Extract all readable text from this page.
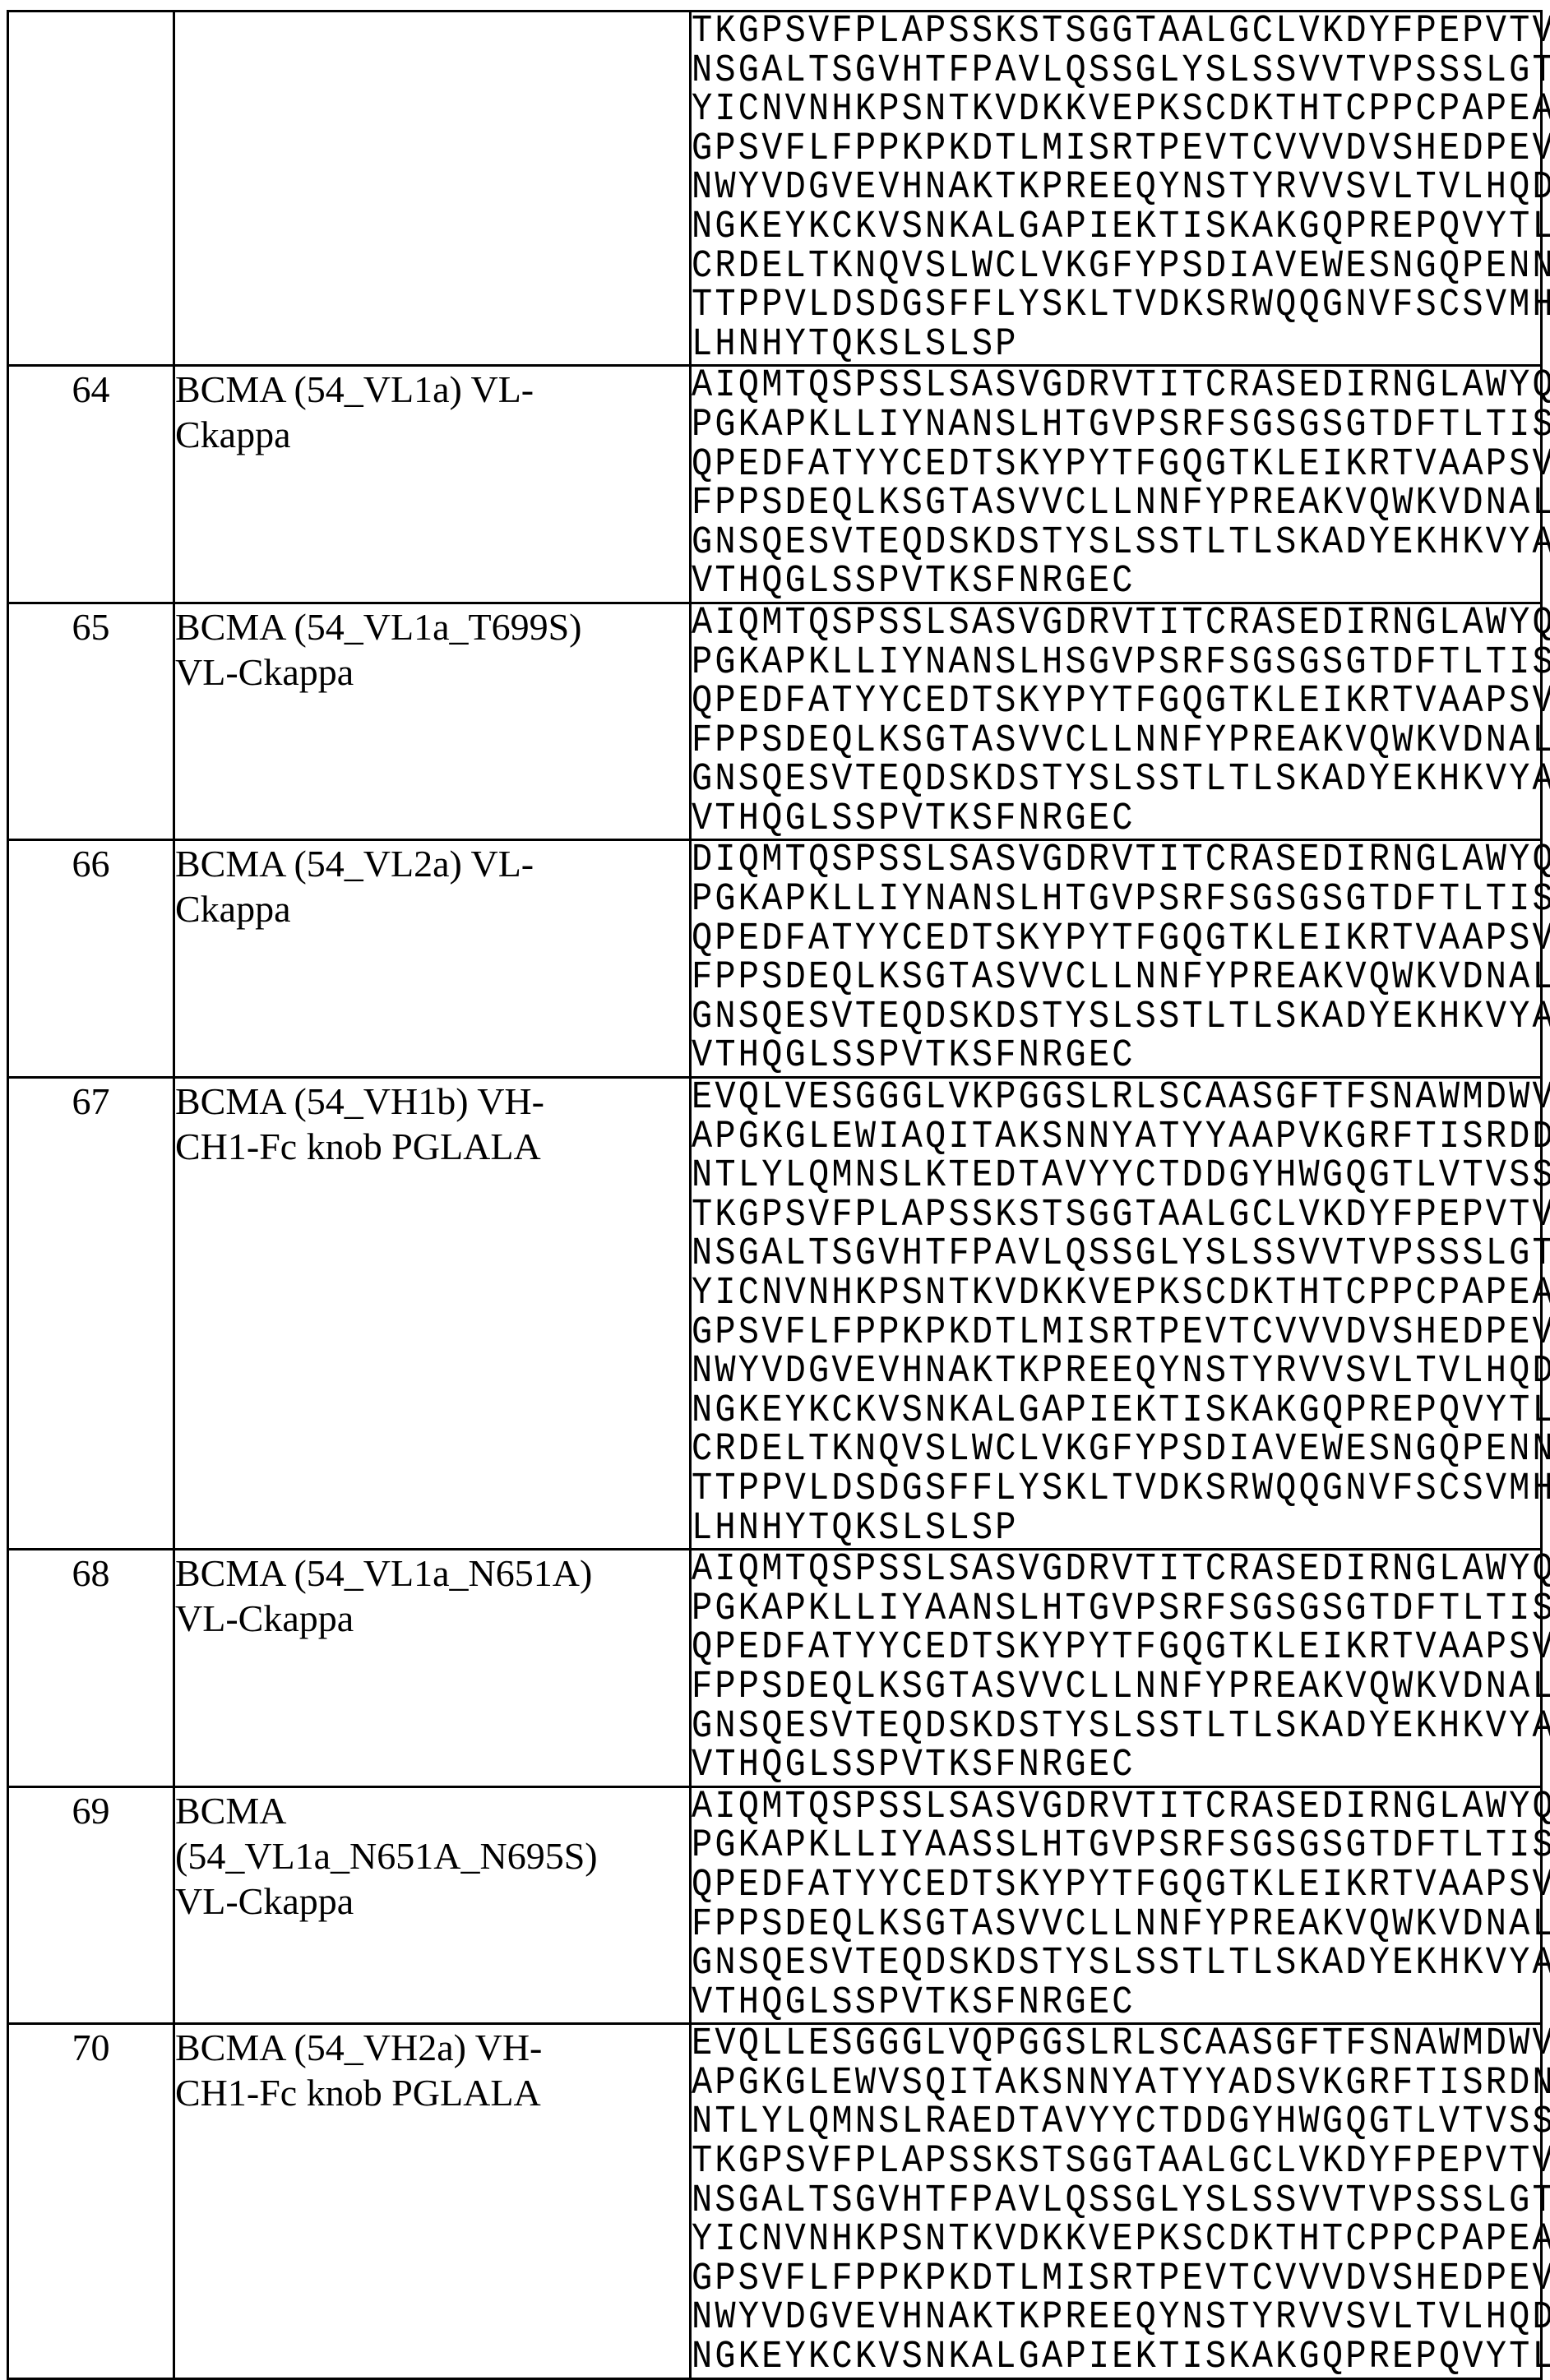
TKGPSVFPLAPSSKSTSGGTAALGCLVKDYFPEPVTVSW
NSGALTSGVHTFPAVLQSSGLYSLSSVVTVPSSSLGTQT
YICNVNHKPSNTKVDKKVEPKSCDKTHTCPPCPAPEAAG
GPSVFLFPPKPKDTLMISRTPEVTCVVVDVSHEDPEVKF
NWYVDGVEVHNAKTKPREEQYNSTYRVVSVLTVLHQDWL
NGKEYKCKVSNKALGAPIEKTISKAKGQPREPQVYTLPP
CRDELTKNQVSLWCLVKGFYPSDIAVEWESNGQPENNYK
TTPPVLDSDGSFFLYSKLTVDKSRWQQGNVFSCSVMHEA
LHNHYTQKSLSLSP

64	BCMA (54_VL1a) VL-
Ckappa

AIQMTQSPSSLSASVGDRVTITCRASEDIRNGLAWYQQK
PGKAPKLLIYNANSLHTGVPSRFSGSGSGTDFTLTISSL
QPEDFATYYCEDTSKYPYTFGQGTKLEIKRTVAAPSVFI
FPPSDEQLKSGTASVVCLLNNFYPREAKVQWKVDNALQS
GNSQESVTEQDSKDSTYSLSSTLTLSKADYEKHKVYACE
VTHQGLSSPVTKSFNRGEC

65	BCMA (54_VL1a_T699S)
VL-Ckappa

AIQMTQSPSSLSASVGDRVTITCRASEDIRNGLAWYQQK
PGKAPKLLIYNANSLHSGVPSRFSGSGSGTDFTLTISSL
QPEDFATYYCEDTSKYPYTFGQGTKLEIKRTVAAPSVFI
FPPSDEQLKSGTASVVCLLNNFYPREAKVQWKVDNALQS
GNSQESVTEQDSKDSTYSLSSTLTLSKADYEKHKVYACE
VTHQGLSSPVTKSFNRGEC

66	BCMA (54_VL2a) VL-
Ckappa

DIQMTQSPSSLSASVGDRVTITCRASEDIRNGLAWYQQK
PGKAPKLLIYNANSLHTGVPSRFSGSGSGTDFTLTISSL
QPEDFATYYCEDTSKYPYTFGQGTKLEIKRTVAAPSVFI
FPPSDEQLKSGTASVVCLLNNFYPREAKVQWKVDNALQS
GNSQESVTEQDSKDSTYSLSSTLTLSKADYEKHKVYACE
VTHQGLSSPVTKSFNRGEC

67	BCMA (54_VH1b) VH-
CH1-Fc knob PGLALA

EVQLVESGGGLVKPGGSLRLSCAASGFTFSNAWMDWVRQ
APGKGLEWIAQITAKSNNYATYYAAPVKGRFTISRDDSK
NTLYLQMNSLKTEDTAVYYCTDDGYHWGQGTLVTVSSAS
TKGPSVFPLAPSSKSTSGGTAALGCLVKDYFPEPVTVSW
NSGALTSGVHTFPAVLQSSGLYSLSSVVTVPSSSLGTQT
YICNVNHKPSNTKVDKKVEPKSCDKTHTCPPCPAPEAAG
GPSVFLFPPKPKDTLMISRTPEVTCVVVDVSHEDPEVKF
NWYVDGVEVHNAKTKPREEQYNSTYRVVSVLTVLHQDWL
NGKEYKCKVSNKALGAPIEKTISKAKGQPREPQVYTLPP
CRDELTKNQVSLWCLVKGFYPSDIAVEWESNGQPENNYK
TTPPVLDSDGSFFLYSKLTVDKSRWQQGNVFSCSVMHEA
LHNHYTQKSLSLSP

68	BCMA (54_VL1a_N651A)
VL-Ckappa

AIQMTQSPSSLSASVGDRVTITCRASEDIRNGLAWYQQK
PGKAPKLLIYAANSLHTGVPSRFSGSGSGTDFTLTISSL
QPEDFATYYCEDTSKYPYTFGQGTKLEIKRTVAAPSVFI
FPPSDEQLKSGTASVVCLLNNFYPREAKVQWKVDNALQS
GNSQESVTEQDSKDSTYSLSSTLTLSKADYEKHKVYACE
VTHQGLSSPVTKSFNRGEC

69	BCMA
(54_VL1a_N651A_N695S)
VL-Ckappa

AIQMTQSPSSLSASVGDRVTITCRASEDIRNGLAWYQQK
PGKAPKLLIYAASSLHTGVPSRFSGSGSGTDFTLTISSL
QPEDFATYYCEDTSKYPYTFGQGTKLEIKRTVAAPSVFI
FPPSDEQLKSGTASVVCLLNNFYPREAKVQWKVDNALQS
GNSQESVTEQDSKDSTYSLSSTLTLSKADYEKHKVYACE
VTHQGLSSPVTKSFNRGEC

70	BCMA (54_VH2a) VH-
CH1-Fc knob PGLALA

EVQLLESGGGLVQPGGSLRLSCAASGFTFSNAWMDWVRQ
APGKGLEWVSQITAKSNNYATYYADSVKGRFTISRDNSK
NTLYLQMNSLRAEDTAVYYCTDDGYHWGQGTLVTVSSAS
TKGPSVFPLAPSSKSTSGGTAALGCLVKDYFPEPVTVSW
NSGALTSGVHTFPAVLQSSGLYSLSSVVTVPSSSLGTQT
YICNVNHKPSNTKVDKKVEPKSCDKTHTCPPCPAPEAAG
GPSVFLFPPKPKDTLMISRTPEVTCVVVDVSHEDPEVKF
NWYVDGVEVHNAKTKPREEQYNSTYRVVSVLTVLHQDWL
NGKEYKCKVSNKALGAPIEKTISKAKGQPREPQVYTLPP
